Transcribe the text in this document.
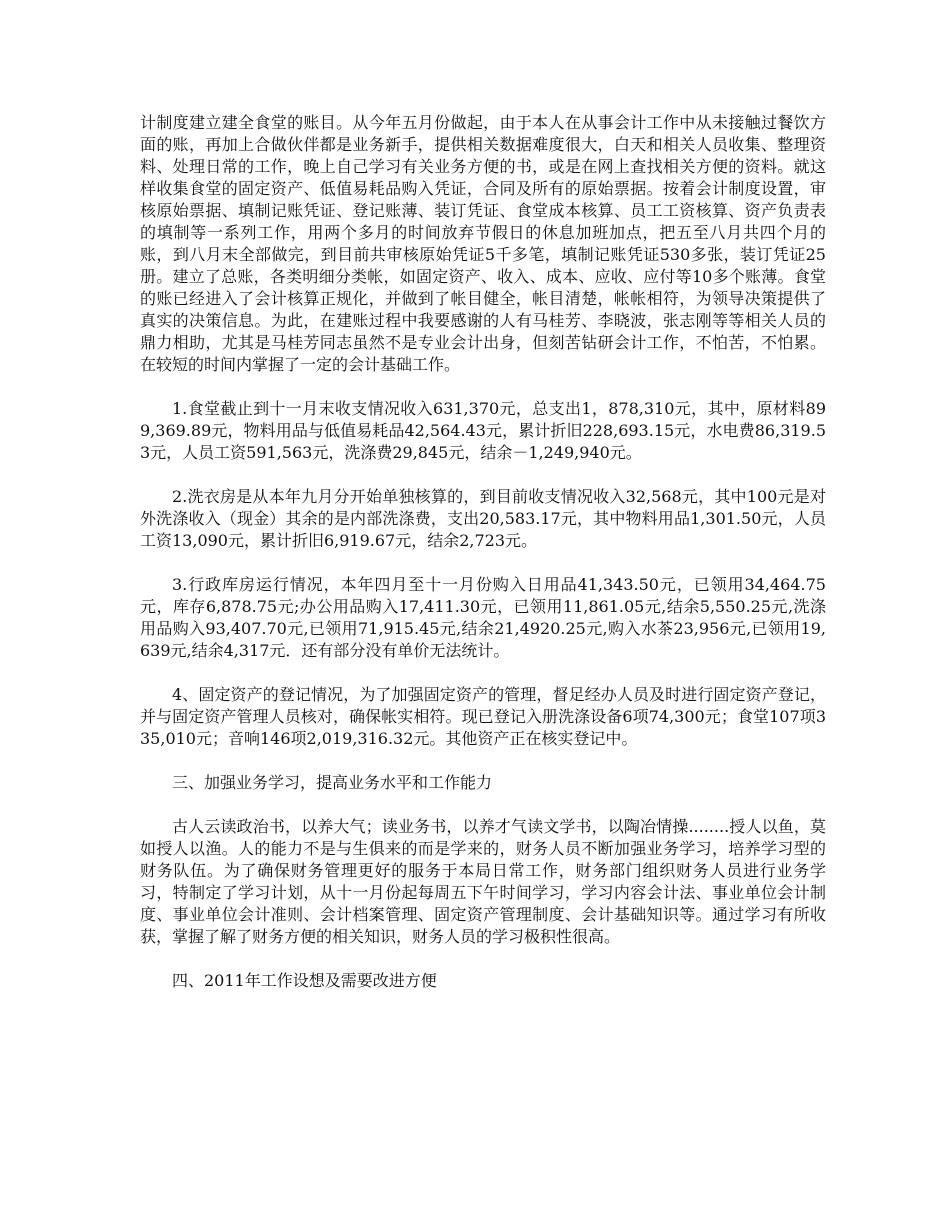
计制度建立建全食堂的账目。从今年五月份做起，由于本人在从事会计工作中从未接触过餐饮方面的账，再加上合做伙伴都是业务新手，提供相关数据难度很大，白天和相关人员收集、整理资料、处理日常的工作，晚上自己学习有关业务方便的书，或是在网上查找相关方便的资料。就这样收集食堂的固定资产、低值易耗品购入凭证，合同及所有的原始票据。按着会计制度设置，审核原始票据、填制记账凭证、登记账薄、装订凭证、食堂成本核算、员工工资核算、资产负责表的填制等一系列工作，用两个多月的时间放弃节假日的休息加班加点，把五至八月共四个月的账，到八月末全部做完，到目前共审核原始凭证5千多笔，填制记账凭证530多张，装订凭证25册。建立了总账，各类明细分类帐，如固定资产、收入、成本、应收、应付等10多个账薄。食堂的账已经进入了会计核算正规化，并做到了帐目健全，帐目清楚，帐帐相符，为领导决策提供了真实的决策信息。为此，在建账过程中我要感谢的人有马桂芳、李晓波，张志刚等等相关人员的鼎力相助，尤其是马桂芳同志虽然不是专业会计出身，但刻苦钻研会计工作，不怕苦，不怕累。在较短的时间内掌握了一定的会计基础工作。

1.食堂截止到十一月末收支情况收入631,370元，总支出1，878,310元，其中，原材料899,369.89元，物料用品与低值易耗品42,564.43元，累计折旧228,693.15元，水电费86,319.53元，人员工资591,563元，洗涤费29,845元，结余－1,249,940元。

2.洗衣房是从本年九月分开始单独核算的，到目前收支情况收入32,568元，其中100元是对外洗涤收入（现金）其余的是内部洗涤费，支出20,583.17元，其中物料用品1,301.50元，人员工资13,090元，累计折旧6,919.67元，结余2,723元。

3.行政库房运行情况，本年四月至十一月份购入日用品41,343.50元，已领用34,464.75元，库存6,878.75元;办公用品购入17,411.30元，已领用11,861.05元,结余5,550.25元,洗涤用品购入93,407.70元,已领用71,915.45元,结余21,4920.25元,购入水茶23,956元,已领用19,639元,结余4,317元．还有部分没有单价无法统计。

4、固定资产的登记情况，为了加强固定资产的管理，督足经办人员及时进行固定资产登记，并与固定资产管理人员核对，确保帐实相符。现已登记入册洗涤设备6项74,300元；食堂107项335,010元；音响146项2,019,316.32元。其他资产正在核实登记中。

三、加强业务学习，提高业务水平和工作能力

古人云读政治书，以养大气；读业务书，以养才气读文学书，以陶冶情操........授人以鱼，莫如授人以渔。人的能力不是与生俱来的而是学来的，财务人员不断加强业务学习，培养学习型的财务队伍。为了确保财务管理更好的服务于本局日常工作，财务部门组织财务人员进行业务学习，特制定了学习计划，从十一月份起每周五下午时间学习，学习内容会计法、事业单位会计制度、事业单位会计准则、会计档案管理、固定资产管理制度、会计基础知识等。通过学习有所收获，掌握了解了财务方便的相关知识，财务人员的学习极积性很高。

四、2011年工作设想及需要改进方便
